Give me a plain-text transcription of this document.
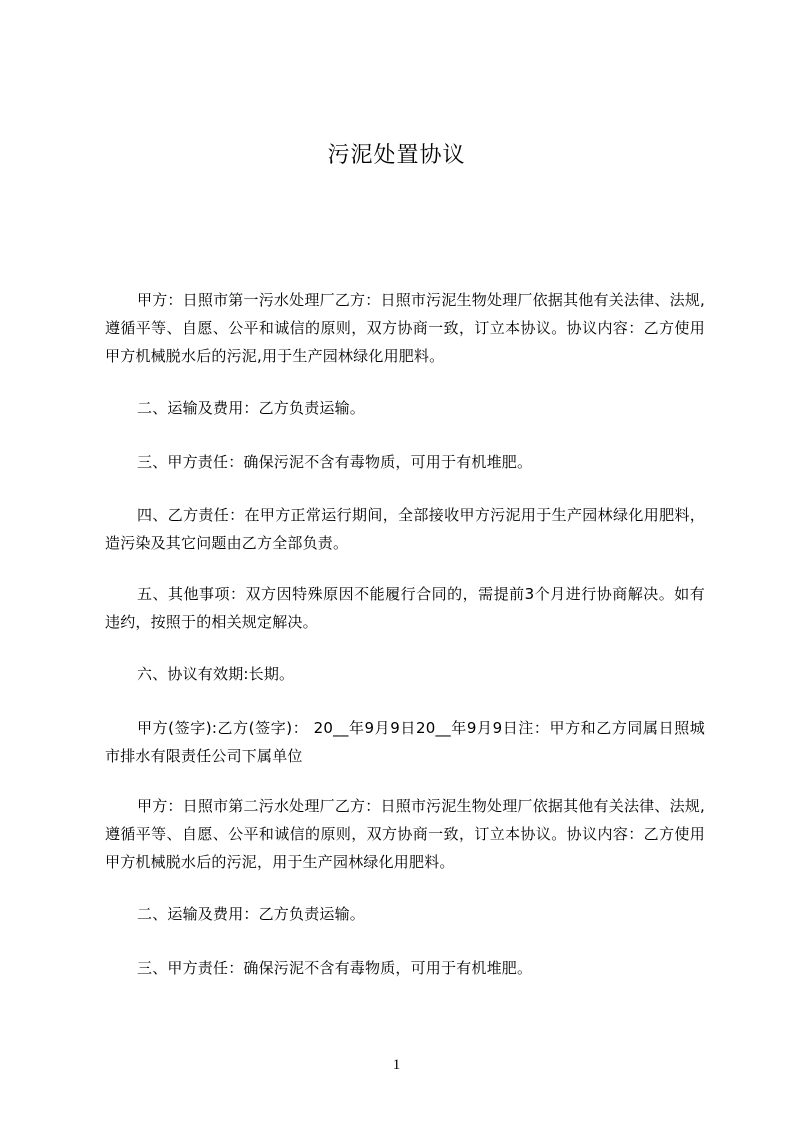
污泥处置协议
甲方：日照市第一污水处理厂乙方：日照市污泥生物处理厂依据其他有关法律、法规,遵循平等、自愿、公平和诚信的原则，双方协商一致，订立本协议。协议内容：乙方使用甲方机械脱水后的污泥,用于生产园林绿化用肥料。
二、运输及费用：乙方负责运输。
三、甲方责任：确保污泥不含有毒物质，可用于有机堆肥。
四、乙方责任：在甲方正常运行期间，全部接收甲方污泥用于生产园林绿化用肥料，造污染及其它问题由乙方全部负责。
五、其他事项：双方因特殊原因不能履行合同的，需提前3个月进行协商解决。如有违约，按照于的相关规定解决。
六、协议有效期:长期。
甲方(签字):乙方(签字)： 20__年9月9日20__年9月9日注：甲方和乙方同属日照城市排水有限责任公司下属单位
甲方：日照市第二污水处理厂乙方：日照市污泥生物处理厂依据其他有关法律、法规,遵循平等、自愿、公平和诚信的原则，双方协商一致，订立本协议。协议内容：乙方使用甲方机械脱水后的污泥，用于生产园林绿化用肥料。
二、运输及费用：乙方负责运输。
三、甲方责任：确保污泥不含有毒物质，可用于有机堆肥。
1
